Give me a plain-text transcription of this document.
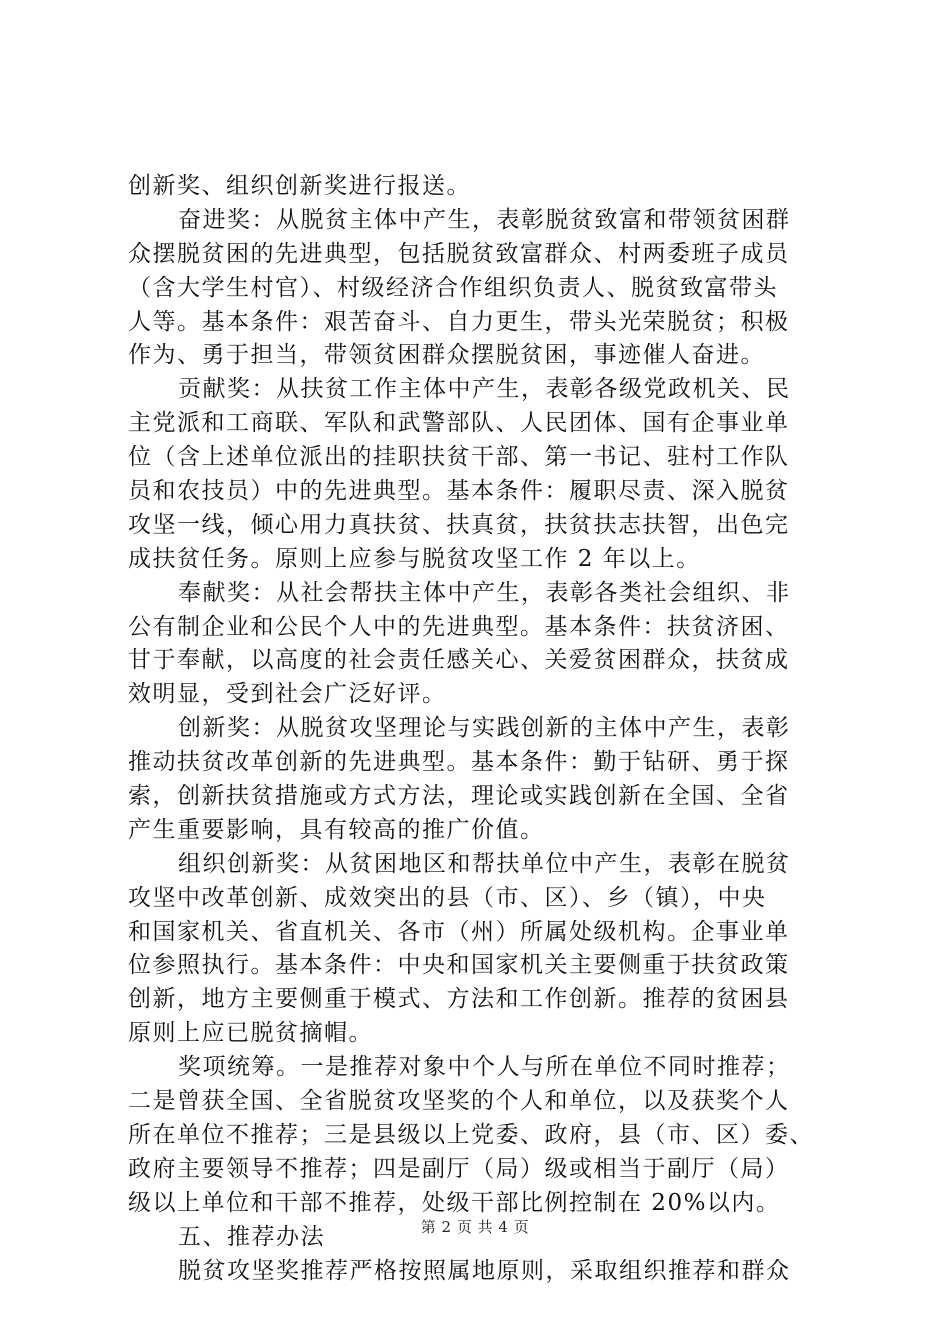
创新奖、组织创新奖进行报送。
奋进奖：从脱贫主体中产生，表彰脱贫致富和带领贫困群
众摆脱贫困的先进典型，包括脱贫致富群众、村两委班子成员
（含大学生村官）、村级经济合作组织负责人、脱贫致富带头
人等。基本条件：艰苦奋斗、自力更生，带头光荣脱贫；积极
作为、勇于担当，带领贫困群众摆脱贫困，事迹催人奋进。
贡献奖：从扶贫工作主体中产生，表彰各级党政机关、民
主党派和工商联、军队和武警部队、人民团体、国有企事业单
位（含上述单位派出的挂职扶贫干部、第一书记、驻村工作队
员和农技员）中的先进典型。基本条件：履职尽责、深入脱贫
攻坚一线，倾心用力真扶贫、扶真贫，扶贫扶志扶智，出色完
成扶贫任务。原则上应参与脱贫攻坚工作 2 年以上。
奉献奖：从社会帮扶主体中产生，表彰各类社会组织、非
公有制企业和公民个人中的先进典型。基本条件：扶贫济困、
甘于奉献，以高度的社会责任感关心、关爱贫困群众，扶贫成
效明显，受到社会广泛好评。
创新奖：从脱贫攻坚理论与实践创新的主体中产生，表彰
推动扶贫改革创新的先进典型。基本条件：勤于钻研、勇于探
索，创新扶贫措施或方式方法，理论或实践创新在全国、全省
产生重要影响，具有较高的推广价值。
组织创新奖：从贫困地区和帮扶单位中产生，表彰在脱贫
攻坚中改革创新、成效突出的县（市、区）、乡（镇），中央
和国家机关、省直机关、各市（州）所属处级机构。企事业单
位参照执行。基本条件：中央和国家机关主要侧重于扶贫政策
创新，地方主要侧重于模式、方法和工作创新。推荐的贫困县
原则上应已脱贫摘帽。
奖项统筹。一是推荐对象中个人与所在单位不同时推荐；
二是曾获全国、全省脱贫攻坚奖的个人和单位，以及获奖个人
所在单位不推荐；三是县级以上党委、政府，县（市、区）委、
政府主要领导不推荐；四是副厅（局）级或相当于副厅（局）
级以上单位和干部不推荐，处级干部比例控制在 20%以内。
五、推荐办法
脱贫攻坚奖推荐严格按照属地原则，采取组织推荐和群众
第 2 页 共 4 页
